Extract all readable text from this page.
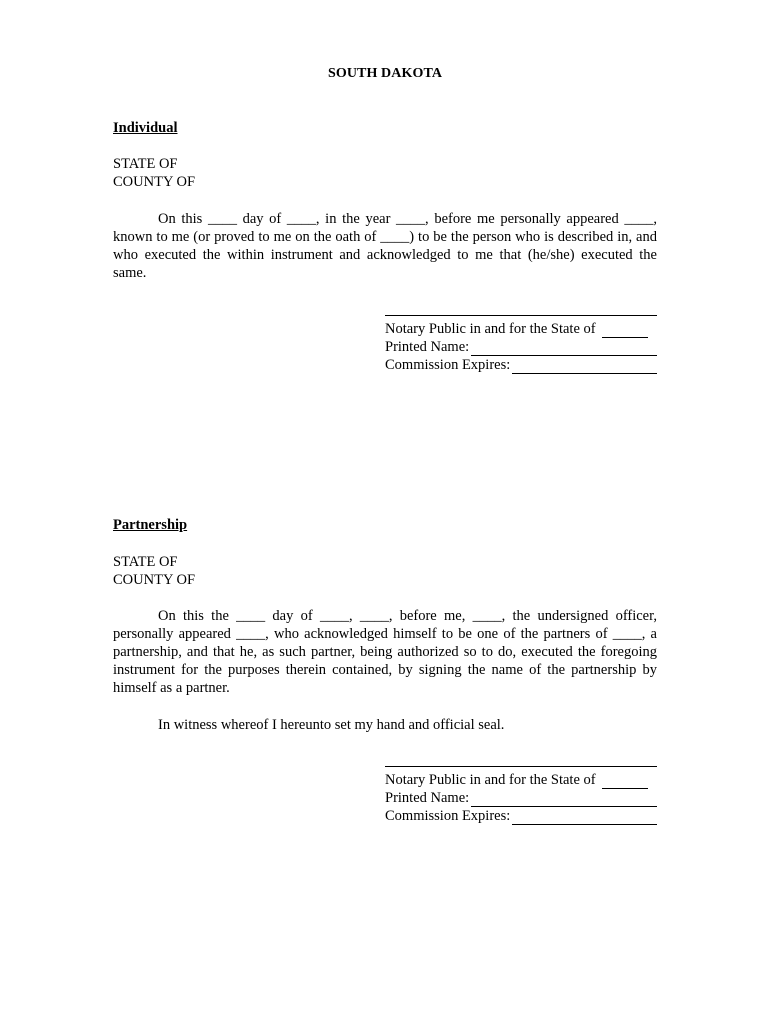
SOUTH DAKOTA
Individual
STATE OF
COUNTY OF
On this ____ day of ____, in the year ____, before me personally appeared ____, known to me (or proved to me on the oath of ____) to be the person who is described in, and who executed the within instrument and acknowledged to me that (he/she) executed the same.
Notary Public in and for the State of
Printed Name:
Commission Expires:
Partnership
STATE OF
COUNTY OF
On this the ____ day of ____, ____, before me, ____, the undersigned officer, personally appeared ____, who acknowledged himself to be one of the partners of ____, a partnership, and that he, as such partner, being authorized so to do, executed the foregoing instrument for the purposes therein contained, by signing the name of the partnership by himself as a partner.
In witness whereof I hereunto set my hand and official seal.
Notary Public in and for the State of
Printed Name:
Commission Expires:
